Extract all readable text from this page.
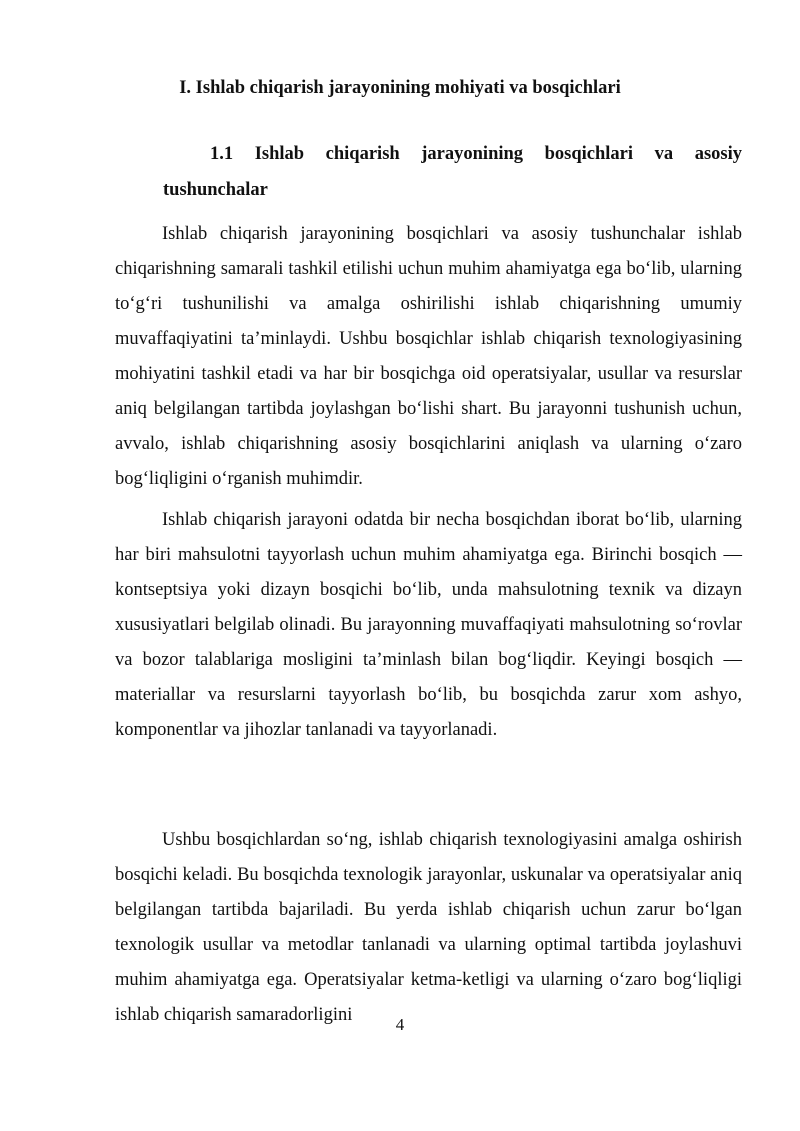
I. Ishlab chiqarish jarayonining mohiyati va bosqichlari
1.1 Ishlab chiqarish jarayonining bosqichlari va asosiy tushunchalar

Ishlab chiqarish jarayonining bosqichlari va asosiy tushunchalar ishlab chiqarishning samarali tashkil etilishi uchun muhim ahamiyatga ega bo‘lib, ularning to‘g‘ri tushunilishi va amalga oshirilishi ishlab chiqarishning umumiy muvaffaqiyatini ta’minlaydi. Ushbu bosqichlar ishlab chiqarish texnologiyasining mohiyatini tashkil etadi va har bir bosqichga oid operatsiyalar, usullar va resurslar aniq belgilangan tartibda joylashgan bo‘lishi shart. Bu jarayonni tushunish uchun, avvalo, ishlab chiqarishning asosiy bosqichlarini aniqlash va ularning o‘zaro bog‘liqligini o‘rganish muhimdir.

Ishlab chiqarish jarayoni odatda bir necha bosqichdan iborat bo‘lib, ularning har biri mahsulotni tayyorlash uchun muhim ahamiyatga ega. Birinchi bosqich — kontseptsiya yoki dizayn bosqichi bo‘lib, unda mahsulotning texnik va dizayn xususiyatlari belgilab olinadi. Bu jarayonning muvaffaqiyati mahsulotning so‘rovlar va bozor talablariga mosligini ta’minlash bilan bog‘liqdir. Keyingi bosqich — materiallar va resurslarni tayyorlash bo‘lib, bu bosqichda zarur xom ashyo, komponentlar va jihozlar tanlanadi va tayyorlanadi.

Ushbu bosqichlardan so‘ng, ishlab chiqarish texnologiyasini amalga oshirish bosqichi keladi. Bu bosqichda texnologik jarayonlar, uskunalar va operatsiyalar aniq belgilangan tartibda bajariladi. Bu yerda ishlab chiqarish uchun zarur bo‘lgan texnologik usullar va metodlar tanlanadi va ularning optimal tartibda joylashuvi muhim ahamiyatga ega. Operatsiyalar ketma-ketligi va ularning o‘zaro bog‘liqligi ishlab chiqarish samaradorligini	4
